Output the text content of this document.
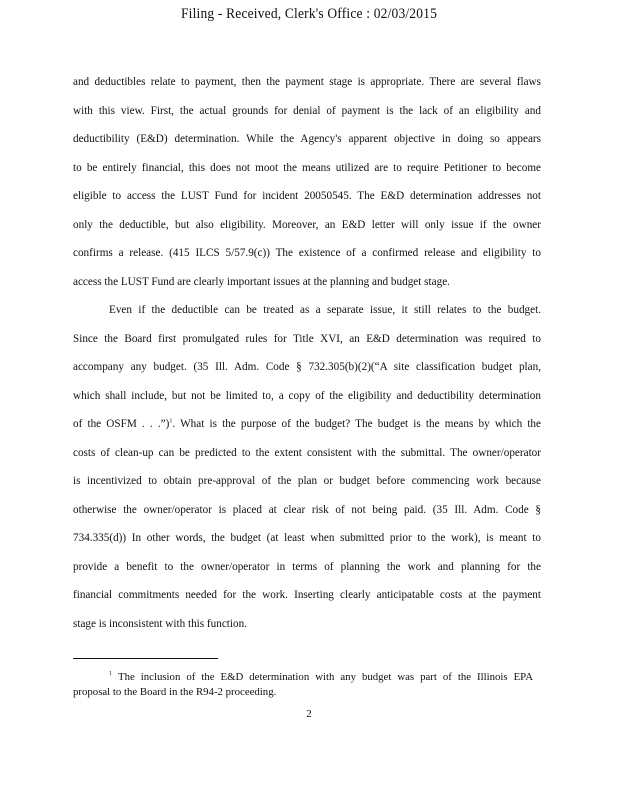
Filing - Received, Clerk's Office : 02/03/2015
and deductibles relate to payment, then the payment stage is appropriate. There are several flaws
with this view. First, the actual grounds for denial of payment is the lack of an eligibility and
deductibility (E&D) determination. While the Agency's apparent objective in doing so appears
to be entirely financial, this does not moot the means utilized are to require Petitioner to become
eligible to access the LUST Fund for incident 20050545. The E&D determination addresses not
only the deductible, but also eligibility. Moreover, an E&D letter will only issue if the owner
confirms a release. (415 ILCS 5/57.9(c)) The existence of a confirmed release and eligibility to
access the LUST Fund are clearly important issues at the planning and budget stage.
Even if the deductible can be treated as a separate issue, it still relates to the budget.
Since the Board first promulgated rules for Title XVI, an E&D determination was required to
accompany any budget. (35 Ill. Adm. Code § 732.305(b)(2)(“A site classification budget plan,
which shall include, but not be limited to, a copy of the eligibility and deductibility determination
of the OSFM . . .”)$^1$. What is the purpose of the budget? The budget is the means by which the
costs of clean-up can be predicted to the extent consistent with the submittal. The owner/operator
is incentivized to obtain pre-approval of the plan or budget before commencing work because
otherwise the owner/operator is placed at clear risk of not being paid. (35 Ill. Adm. Code §
734.335(d)) In other words, the budget (at least when submitted prior to the work), is meant to
provide a benefit to the owner/operator in terms of planning the work and planning for the
financial commitments needed for the work. Inserting clearly anticipatable costs at the payment
stage is inconsistent with this function.
$^1$ The inclusion of the E&D determination with any budget was part of the Illinois EPA
proposal to the Board in the R94-2 proceeding.
2
